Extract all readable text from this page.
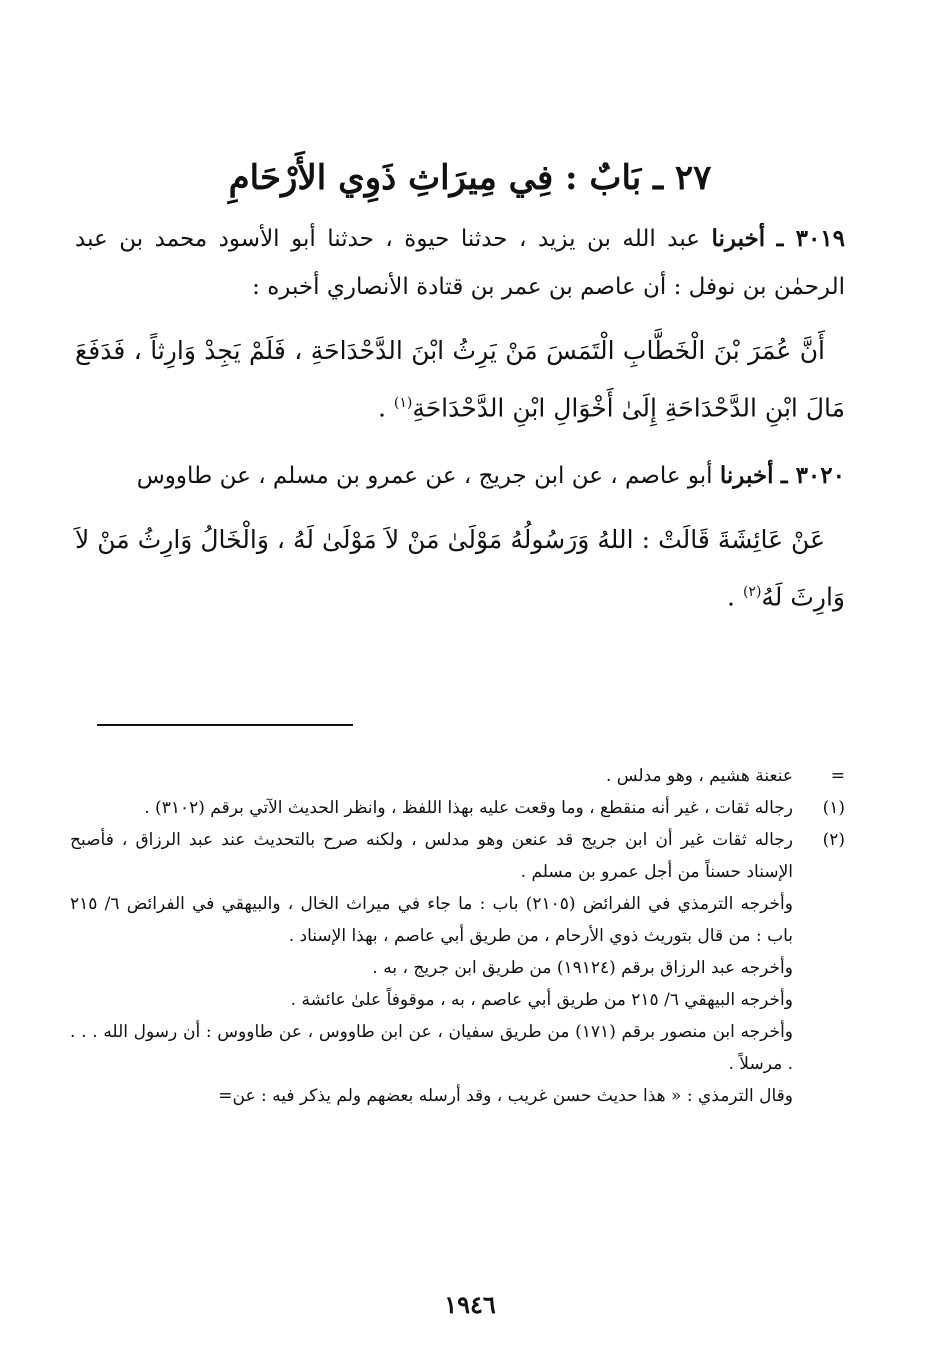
٢٧ ـ بَابٌ : فِي مِيرَاثِ ذَوِي الأَرْحَامِ

٣٠١٩ ـ أخبرنا عبد الله بن يزيد ، حدثنا حيوة ، حدثنا أبو الأسود محمد بن عبد الرحمٰن بن نوفل : أن عاصم بن عمر بن قتادة الأنصاري أخبره :

أَنَّ عُمَرَ بْنَ الْخَطَّابِ الْتَمَسَ مَنْ يَرِثُ ابْنَ الدَّحْدَاحَةِ ، فَلَمْ يَجِدْ وَارِثاً ، فَدَفَعَ مَالَ ابْنِ الدَّحْدَاحَةِ إِلَىٰ أَخْوَالِ ابْنِ الدَّحْدَاحَةِ$^{(١)}$ .

٣٠٢٠ ـ أخبرنا أبو عاصم ، عن ابن جريج ، عن عمرو بن مسلم ، عن طاووس

عَنْ عَائِشَةَ قَالَتْ : اللهُ وَرَسُولُهُ مَوْلَىٰ مَنْ لاَ مَوْلَىٰ لَهُ ، وَالْخَالُ وَارِثُ مَنْ لاَ وَارِثَ لَهُ$^{(٢)}$ .

=
عنعنة هشيم ، وهو مدلس .
(١)
رجاله ثقات ، غير أنه منقطع ، وما وقعت عليه بهذا اللفظ ، وانظر الحديث الآتي برقم (٣١٠٢) .
(٢)
رجاله ثقات غير أن ابن جريج قد عنعن وهو مدلس ، ولكنه صرح بالتحديث عند عبد الرزاق ، فأصبح الإسناد حسناً من أجل عمرو بن مسلم .
وأخرجه الترمذي في الفرائض (٢١٠٥) باب : ما جاء في ميراث الخال ، والبيهقي في الفرائض ٦/ ٢١٥ باب : من قال بتوريث ذوي الأرحام ، من طريق أبي عاصم ، بهذا الإسناد .
وأخرجه عبد الرزاق برقم (١٩١٢٤) من طريق ابن جريج ، به .
وأخرجه البيهقي ٦/ ٢١٥ من طريق أبي عاصم ، به ، موقوفاً علىٰ عائشة .
وأخرجه ابن منصور برقم (١٧١) من طريق سفيان ، عن ابن طاووس ، عن طاووس : أن رسول الله . . . . مرسلاً .
وقال الترمذي : « هذا حديث حسن غريب ، وقد أرسله بعضهم ولم يذكر فيه : عن=
١٩٤٦
